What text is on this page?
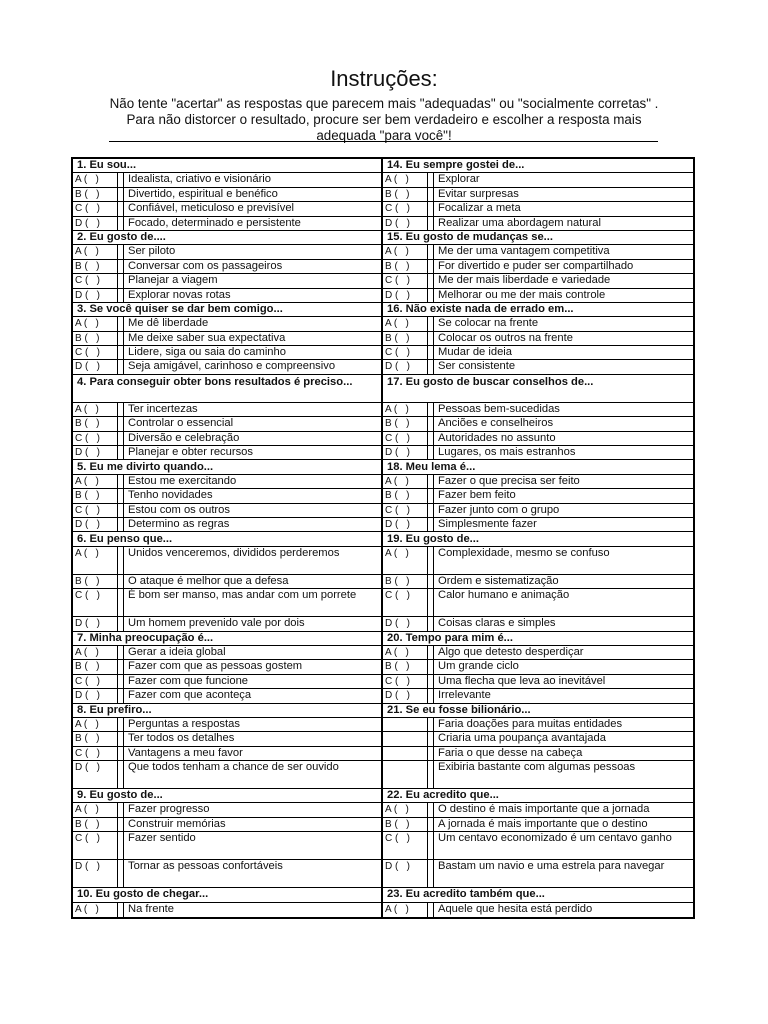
Instruções:
Não tente "acertar" as respostas que parecem mais "adequadas" ou "socialmente corretas" . Para não distorcer o resultado, procure ser bem verdadeiro e escolher a resposta mais adequada "para você"!
1. Eu sou...
A (   )	Idealista, criativo e visionário
B (   )	Divertido, espiritual e benéfico
C (   )	Confiável, meticuloso e previsível
D (   )	Focado, determinado e persistente
2. Eu gosto de....
A (   )	Ser piloto
B (   )	Conversar com os passageiros
C (   )	Planejar a viagem
D (   )	Explorar novas rotas
3. Se você quiser se dar bem comigo...
A (   )	Me dê liberdade
B (   )	Me deixe saber sua expectativa
C (   )	Lidere, siga ou saia do caminho
D (   )	Seja amigável, carinhoso e compreensivo
4. Para conseguir obter bons resultados é preciso...
A (   )	Ter incertezas
B (   )	Controlar o essencial
C (   )	Diversão e celebração
D (   )	Planejar e obter recursos
5. Eu me divirto quando...
A (   )	Estou me exercitando
B (   )	Tenho novidades
C (   )	Estou com os outros
D (   )	Determino as regras
6. Eu penso que...
A (   )	Unidos venceremos, divididos perderemos
B (   )	O ataque é melhor que a defesa
C (   )	É bom ser manso, mas andar com um porrete
D (   )	Um homem prevenido vale por dois
7. Minha preocupação é...
A (   )	Gerar a ideia global
B (   )	Fazer com que as pessoas gostem
C (   )	Fazer com que funcione
D (   )	Fazer com que aconteça
8. Eu prefiro...
A (   )	Perguntas a respostas
B (   )	Ter todos os detalhes
C (   )	Vantagens a meu favor
D (   )	Que todos tenham a chance de ser ouvido
9. Eu gosto de...
A (   )	Fazer progresso
B (   )	Construir memórias
C (   )	Fazer sentido
D (   )	Tornar as pessoas confortáveis
10. Eu gosto de chegar...
A (   )	Na frente
14. Eu sempre gostei de...
A (   )	Explorar
B (   )	Evitar surpresas
C (   )	Focalizar a meta
D (   )	Realizar uma abordagem natural
15. Eu gosto de mudanças se...
A (   )	Me der uma vantagem competitiva
B (   )	For divertido e puder ser compartilhado
C (   )	Me der mais liberdade e variedade
D (   )	Melhorar ou me der mais controle
16. Não existe nada de errado em...
A (   )	Se colocar na frente
B (   )	Colocar os outros na frente
C (   )	Mudar de ideia
D (   )	Ser consistente
17. Eu gosto de buscar conselhos de...
A (   )	Pessoas bem-sucedidas
B (   )	Anciões e conselheiros
C (   )	Autoridades no assunto
D (   )	Lugares, os mais estranhos
18. Meu lema é...
A (   )	Fazer o que precisa ser feito
B (   )	Fazer bem feito
C (   )	Fazer junto com o grupo
D (   )	Simplesmente fazer
19. Eu gosto de...
A (   )	Complexidade, mesmo se confuso
B (   )	Ordem e sistematização
C (   )	Calor humano e animação
D (   )	Coisas claras e simples
20. Tempo para mim é...
A (   )	Algo que detesto desperdiçar
B (   )	Um grande ciclo
C (   )	Uma flecha que leva ao inevitável
D (   )	Irrelevante
21. Se eu fosse bilionário...
Faria doações para muitas entidades
Criaria uma poupança avantajada
Faria o que desse na cabeça
Exibiria bastante com algumas pessoas
22. Eu acredito que...
A (   )	O destino é mais importante que a jornada
B (   )	A jornada é mais importante que o destino
C (   )	Um centavo economizado é um centavo ganho
D (   )	Bastam um navio e uma estrela para navegar
23. Eu acredito também que...
A (   )	Aquele que hesita está perdido
